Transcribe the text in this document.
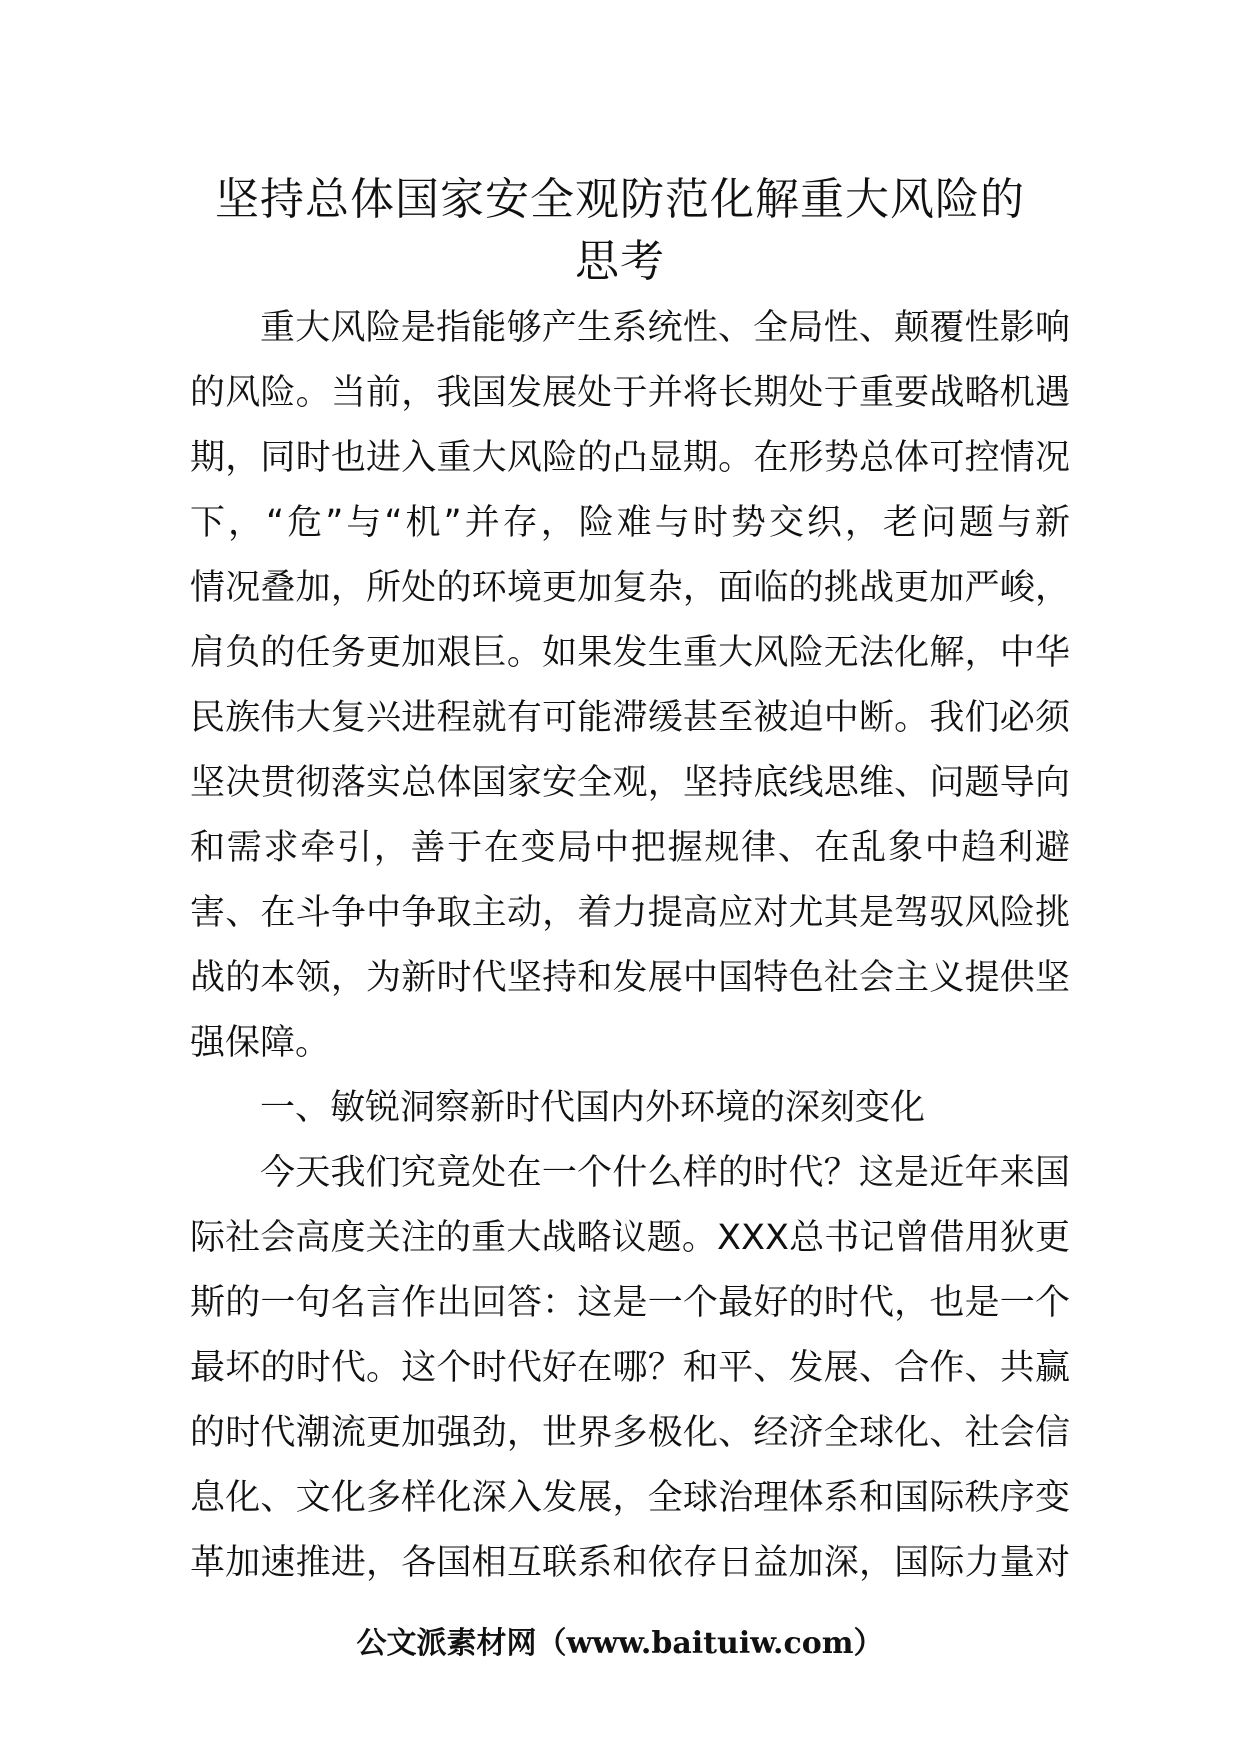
坚持总体国家安全观防范化解重大风险的
思考
重大风险是指能够产生系统性、全局性、颠覆性影响
的风险。当前，我国发展处于并将长期处于重要战略机遇
期，同时也进入重大风险的凸显期。在形势总体可控情况
下，“危”与“机”并存，险难与时势交织，老问题与新
情况叠加，所处的环境更加复杂，面临的挑战更加严峻，
肩负的任务更加艰巨。如果发生重大风险无法化解，中华
民族伟大复兴进程就有可能滞缓甚至被迫中断。我们必须
坚决贯彻落实总体国家安全观，坚持底线思维、问题导向
和需求牵引，善于在变局中把握规律、在乱象中趋利避
害、在斗争中争取主动，着力提高应对尤其是驾驭风险挑
战的本领，为新时代坚持和发展中国特色社会主义提供坚
强保障。
一、敏锐洞察新时代国内外环境的深刻变化
今天我们究竟处在一个什么样的时代？这是近年来国
际社会高度关注的重大战略议题。XXX总书记曾借用狄更
斯的一句名言作出回答：这是一个最好的时代，也是一个
最坏的时代。这个时代好在哪？和平、发展、合作、共赢
的时代潮流更加强劲，世界多极化、经济全球化、社会信
息化、文化多样化深入发展，全球治理体系和国际秩序变
革加速推进，各国相互联系和依存日益加深，国际力量对
公文派素材网（www.baituiw.com）
